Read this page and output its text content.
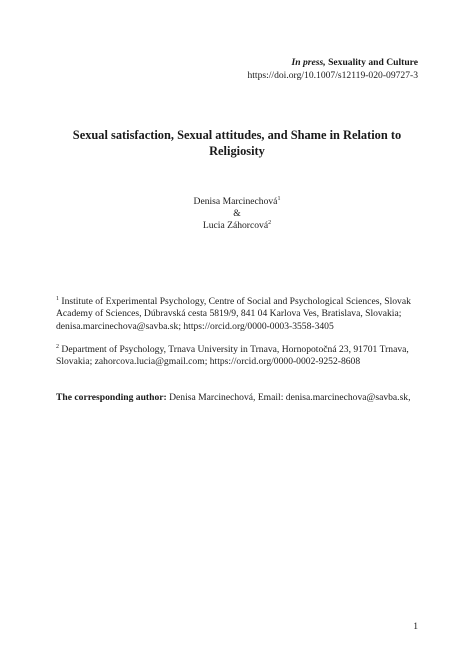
In press, Sexuality and Culture
https://doi.org/10.1007/s12119-020-09727-3
Sexual satisfaction, Sexual attitudes, and Shame in Relation to
Religiosity
Denisa Marcinechová$^1$
&
Lucia Záhorcová$^2$
$^1$ Institute of Experimental Psychology, Centre of Social and Psychological Sciences, Slovak
Academy of Sciences, Dúbravská cesta 5819/9, 841 04 Karlova Ves, Bratislava, Slovakia;
denisa.marcinechova@savba.sk; https://orcid.org/0000-0003-3558-3405
$^2$ Department of Psychology, Trnava University in Trnava, Hornopotočná 23, 91701 Trnava,
Slovakia; zahorcova.lucia@gmail.com; https://orcid.org/0000-0002-9252-8608
The corresponding author: Denisa Marcinechová, Email: denisa.marcinechova@savba.sk,
1
